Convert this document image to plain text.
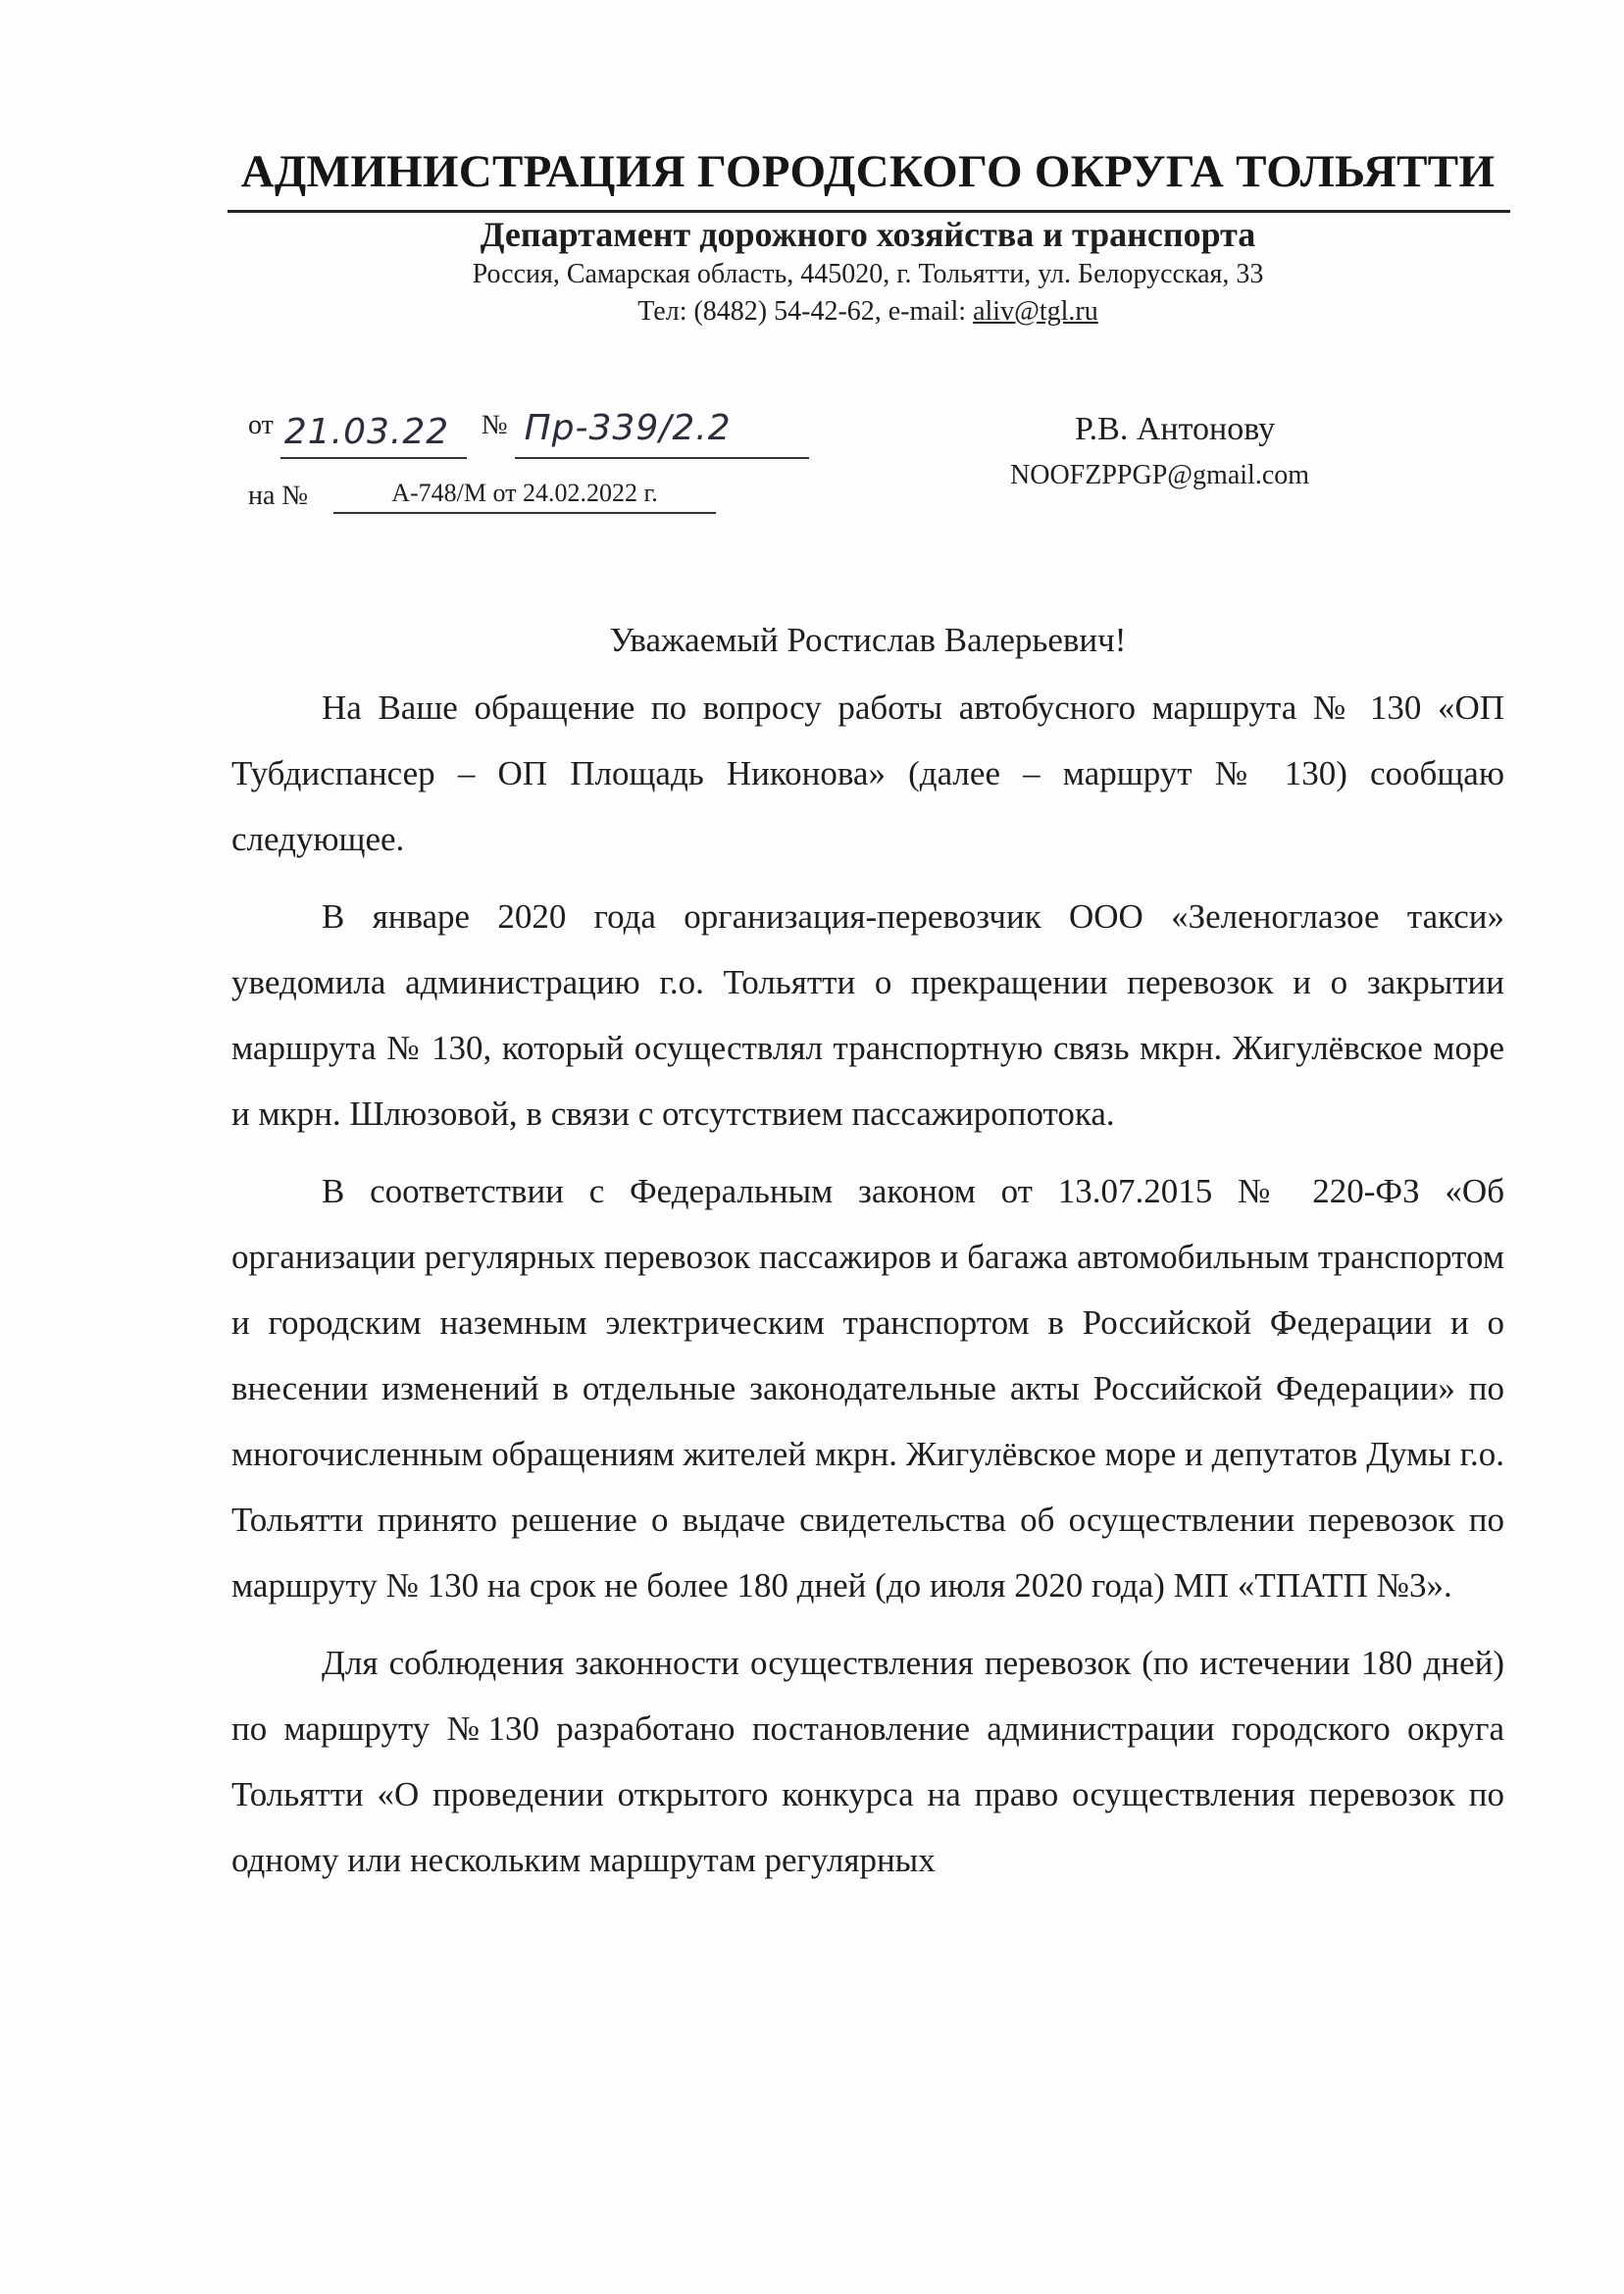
АДМИНИСТРАЦИЯ ГОРОДСКОГО ОКРУГА ТОЛЬЯТТИ
Департамент дорожного хозяйства и транспорта
Россия, Самарская область, 445020, г. Тольятти, ул. Белорусская, 33
Тел: (8482) 54-42-62, e-mail: aliv@tgl.ru
от 21.03.22 № Пр-339/2.2
на №	А-748/М от 24.02.2022 г.
Р.В. Антонову
NOOFZPPGP@gmail.com
Уважаемый Ростислав Валерьевич!

На Ваше обращение по вопросу работы автобусного маршрута № 130 «ОП Тубдиспансер – ОП Площадь Никонова» (далее – маршрут № 130) сообщаю следующее.

В январе 2020 года организация-перевозчик ООО «Зеленоглазое такси» уведомила администрацию г.о. Тольятти о прекращении перевозок и о закрытии маршрута № 130, который осуществлял транспортную связь мкрн. Жигулёвское море и мкрн. Шлюзовой, в связи с отсутствием пассажиропотока.

В соответствии с Федеральным законом от 13.07.2015 № 220-ФЗ «Об организации регулярных перевозок пассажиров и багажа автомобильным транспортом и городским наземным электрическим транспортом в Российской Федерации и о внесении изменений в отдельные законодательные акты Российской Федерации» по многочисленным обращениям жителей мкрн. Жигулёвское море и депутатов Думы г.о. Тольятти принято решение о выдаче свидетельства об осуществлении перевозок по маршруту № 130 на срок не более 180 дней (до июля 2020 года) МП «ТПАТП №3».

Для соблюдения законности осуществления перевозок (по истечении 180 дней) по маршруту №130 разработано постановление администрации городского округа Тольятти «О проведении открытого конкурса на право осуществления перевозок по одному или нескольким маршрутам регулярных
